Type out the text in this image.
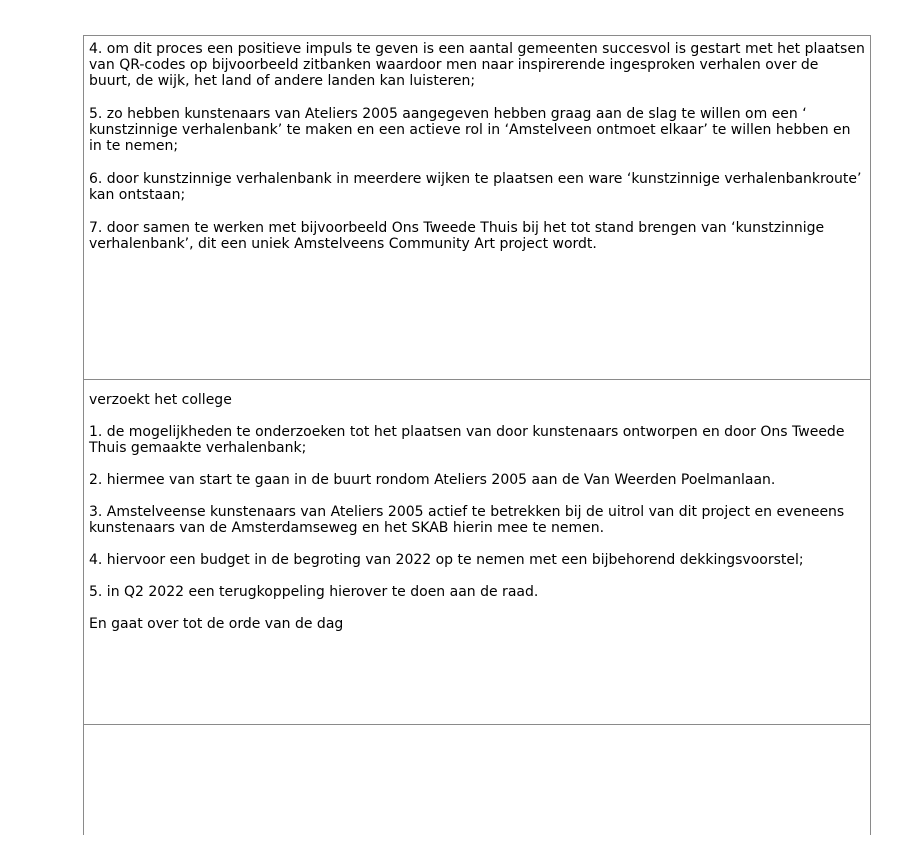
4. om dit proces een positieve impuls te geven is een aantal gemeenten succesvol is gestart met het plaatsen van QR-codes op bijvoorbeeld zitbanken waardoor men naar inspirerende ingesproken verhalen over de buurt, de wijk, het land of andere landen kan luisteren;

5. zo hebben kunstenaars van Ateliers 2005 aangegeven hebben graag aan de slag te willen om een ‘ kunstzinnige verhalenbank’ te maken en een actieve rol in ‘Amstelveen ontmoet elkaar’ te willen hebben en in te nemen;

6. door kunstzinnige verhalenbank in meerdere wijken te plaatsen een ware ‘kunstzinnige verhalenbankroute’ kan ontstaan;

7. door samen te werken met bijvoorbeeld Ons Tweede Thuis bij het tot stand brengen van ‘kunstzinnige verhalenbank’, dit een uniek Amstelveens Community Art project wordt.

verzoekt het college

1. de mogelijkheden te onderzoeken tot het plaatsen van door kunstenaars ontworpen en door Ons Tweede Thuis gemaakte verhalenbank;

2. hiermee van start te gaan in de buurt rondom Ateliers 2005 aan de Van Weerden Poelmanlaan.

3. Amstelveense kunstenaars van Ateliers 2005 actief te betrekken bij de uitrol van dit project en eveneens kunstenaars van de Amsterdamseweg en het SKAB hierin mee te nemen.

4. hiervoor een budget in de begroting van 2022 op te nemen met een bijbehorend dekkingsvoorstel;

5. in Q2 2022 een terugkoppeling hierover te doen aan de raad.

En gaat over tot de orde van de dag
